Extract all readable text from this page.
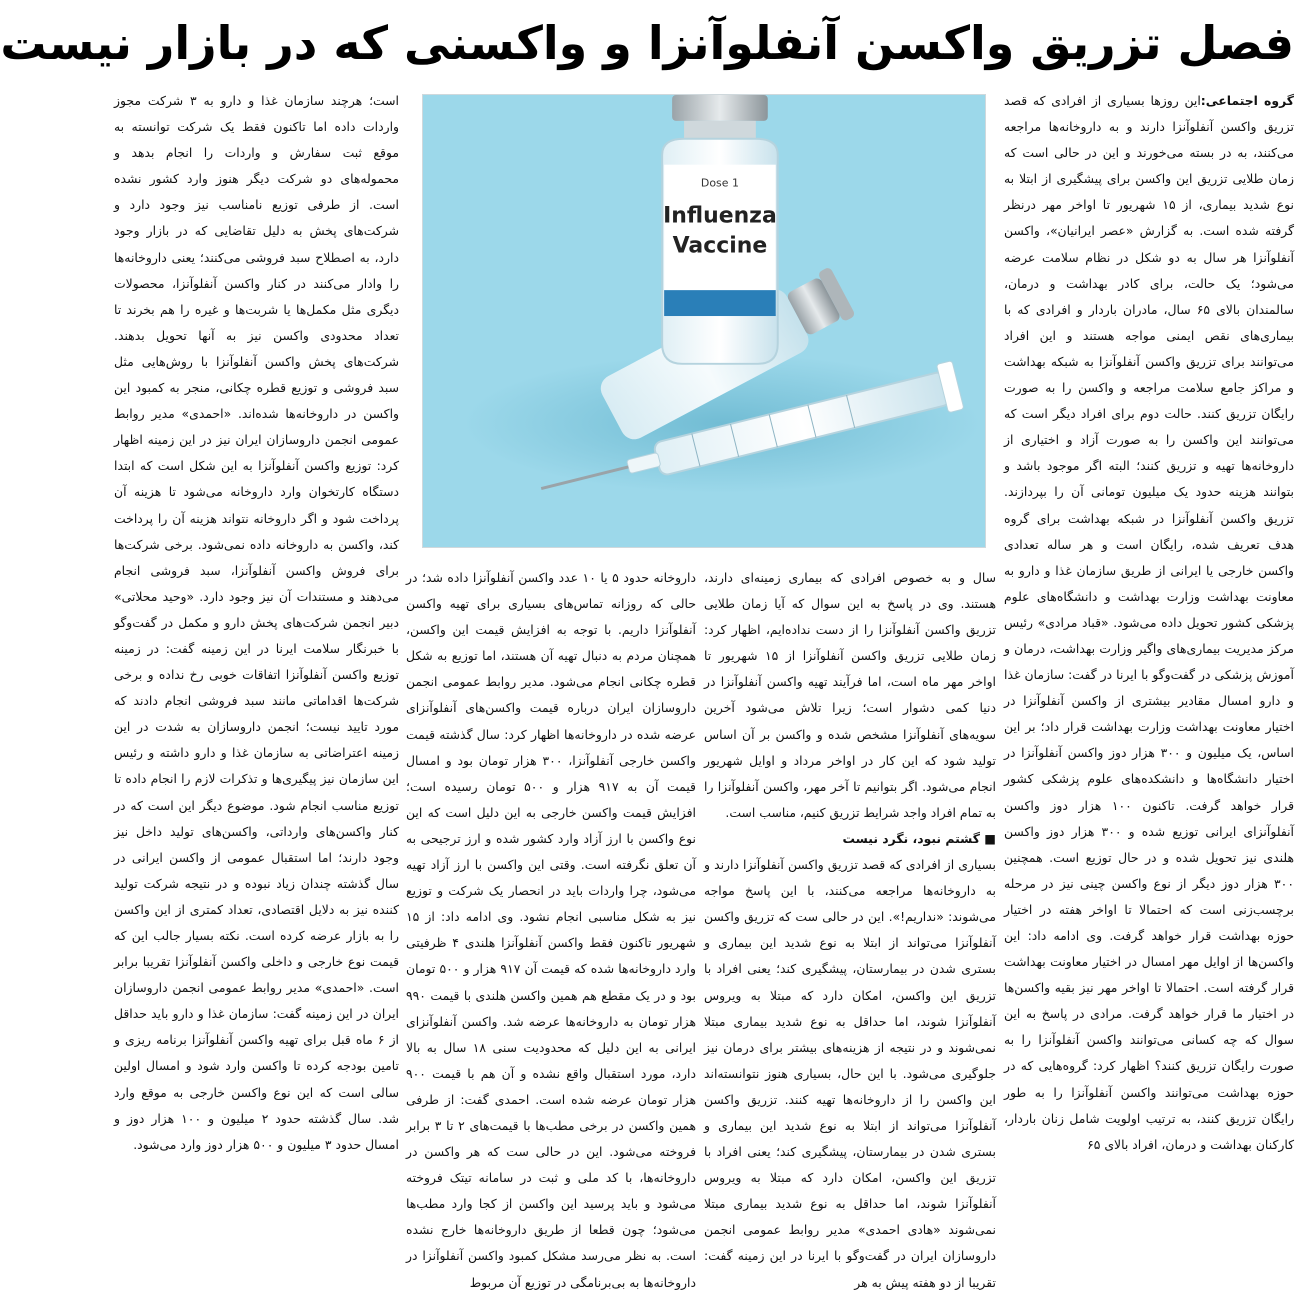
فصل تزریق واکسن آنفلوآنزا و واکسنی که در بازار نیست
1 Dose
Influenza
Vaccine

گروه اجتماعی:این روزها بسیاری از افرادی که قصد تزریق واکسن آنفلوآنزا دارند و به داروخانه‌ها مراجعه می‌کنند، به در بسته می‌خورند و این در حالی است که زمان طلایی تزریق این واکسن برای پیشگیری از ابتلا به نوع شدید بیماری، از ۱۵ شهریور تا اواخر مهر درنظر گرفته شده است. به گزارش «عصر ایرانیان»، واکسن آنفلوآنزا هر سال به دو شکل در نظام سلامت عرضه می‌شود؛ یک حالت، برای کادر بهداشت و درمان، سالمندان بالای ۶۵ سال، مادران باردار و افرادی که با بیماری‌های نقص ایمنی مواجه هستند و این افراد می‌توانند برای تزریق واکسن آنفلوآنزا به شبکه بهداشت و مراکز جامع سلامت مراجعه و واکسن را به صورت رایگان تزریق کنند. حالت دوم برای افراد دیگر است که می‌توانند این واکسن را به صورت آزاد و اختیاری از داروخانه‌ها تهیه و تزریق کنند؛ البته اگر موجود باشد و بتوانند هزینه حدود یک میلیون تومانی آن را بپردازند. تزریق واکسن آنفلوآنزا در شبکه بهداشت برای گروه هدف تعریف شده، رایگان است و هر ساله تعدادی واکسن خارجی یا ایرانی از طریق سازمان غذا و دارو به معاونت بهداشت وزارت بهداشت و دانشگاه‌های علوم پزشکی کشور تحویل داده می‌شود. «قباد مرادی» رئیس مرکز مدیریت بیماری‌های واگیر وزارت بهداشت، درمان و آموزش پزشکی در گفت‌وگو با ایرنا در گفت: سازمان غذا و دارو امسال مقادیر بیشتری از واکسن آنفلوآنزا در اختیار معاونت بهداشت وزارت بهداشت قرار داد؛ بر این اساس، یک میلیون و ۳۰۰ هزار دوز واکسن آنفلوآنزا در اختیار دانشگاه‌ها و دانشکده‌های علوم پزشکی کشور قرار خواهد گرفت. تاکنون ۱۰۰ هزار دوز واکسن آنفلوآنزای ایرانی توزیع شده و ۳۰۰ هزار دوز واکسن هلندی نیز تحویل شده و در حال توزیع است. همچنین ۳۰۰ هزار دوز دیگر از نوع واکسن چینی نیز در مرحله برچسب‌زنی است که احتمالا تا اواخر هفته در اختیار حوزه بهداشت قرار خواهد گرفت. وی ادامه داد: این واکسن‌ها از اوایل مهر امسال در اختیار معاونت بهداشت قرار گرفته است. احتمالا تا اواخر مهر نیز بقیه واکسن‌ها در اختیار ما قرار خواهد گرفت. مرادی در پاسخ به این سوال که چه کسانی می‌توانند واکسن آنفلوآنزا را به صورت رایگان تزریق کنند؟ اظهار کرد: گروه‌هایی که در حوزه بهداشت می‌توانند واکسن آنفلوآنزا را به طور رایگان تزریق کنند، به ترتیب اولویت شامل زنان باردار، کارکنان بهداشت و درمان، افراد بالای ۶۵

سال و به خصوص افرادی که بیماری زمینه‌ای دارند، هستند. وی در پاسخ به این سوال که آیا زمان طلایی تزریق واکسن آنفلوآنزا را از دست نداده‌ایم، اظهار کرد: زمان طلایی تزریق واکسن آنفلوآنزا از ۱۵ شهریور تا اواخر مهر ماه است، اما فرآیند تهیه واکسن آنفلوآنزا در دنیا کمی دشوار است؛ زیرا تلاش می‌شود آخرین سویه‌های آنفلوآنزا مشخص شده و واکسن بر آن اساس تولید شود که این کار در اواخر مرداد و اوایل شهریور انجام می‌شود. اگر بتوانیم تا آخر مهر، واکسن آنفلوآنزا را به تمام افراد واجد شرایط تزریق کنیم، مناسب است.

■ گشتم نبود، نگرد نیست

بسیاری از افرادی که قصد تزریق واکسن آنفلوآنزا دارند و به داروخانه‌ها مراجعه می‌کنند، با این پاسخ مواجه می‌شوند: «نداریم!». این در حالی ست که تزریق واکسن آنفلوآنزا می‌تواند از ابتلا به نوع شدید این بیماری و بستری شدن در بیمارستان، پیشگیری کند؛ یعنی افراد با تزریق این واکسن، امکان دارد که مبتلا به ویروس آنفلوآنزا شوند، اما حداقل به نوع شدید بیماری مبتلا نمی‌شوند و در نتیجه از هزینه‌های بیشتر برای درمان نیز جلوگیری می‌شود. با این حال، بسیاری هنوز نتوانسته‌اند این واکسن را از داروخانه‌ها تهیه کنند. تزریق واکسن آنفلوآنزا می‌تواند از ابتلا به نوع شدید این بیماری و بستری شدن در بیمارستان، پیشگیری کند؛ یعنی افراد با تزریق این واکسن، امکان دارد که مبتلا به ویروس آنفلوآنزا شوند، اما حداقل به نوع شدید بیماری مبتلا نمی‌شوند «هادی احمدی» مدیر روابط عمومی انجمن داروسازان ایران در گفت‌وگو با ایرنا در این زمینه گفت: تقریبا از دو هفته پیش به هر

داروخانه حدود ۵ یا ۱۰ عدد واکسن آنفلوآنزا داده شد؛ در حالی که روزانه تماس‌های بسیاری برای تهیه واکسن آنفلوآنزا داریم. با توجه به افزایش قیمت این واکسن، همچنان مردم به دنبال تهیه آن هستند، اما توزیع به شکل قطره چکانی انجام می‌شود. مدیر روابط عمومی انجمن داروسازان ایران درباره قیمت واکسن‌های آنفلوآنزای عرضه شده در داروخانه‌ها اظهار کرد: سال گذشته قیمت واکسن خارجی آنفلوآنزا، ۳۰۰ هزار تومان بود و امسال قیمت آن به ۹۱۷ هزار و ۵۰۰ تومان رسیده است؛ افزایش قیمت واکسن خارجی به این دلیل است که این نوع واکسن با ارز آزاد وارد کشور شده و ارز ترجیحی به آن تعلق نگرفته است. وقتی این واکسن با ارز آزاد تهیه می‌شود، چرا واردات باید در انحصار یک شرکت و توزیع نیز به شکل مناسبی انجام نشود. وی ادامه داد: از ۱۵ شهریور تاکنون فقط واکسن آنفلوآنزا هلندی ۴ ظرفیتی وارد داروخانه‌ها شده که قیمت آن ۹۱۷ هزار و ۵۰۰ تومان بود و در یک مقطع هم همین واکسن هلندی با قیمت ۹۹۰ هزار تومان به داروخانه‌ها عرضه شد. واکسن آنفلوآنزای ایرانی به این دلیل که محدودیت سنی ۱۸ سال به بالا دارد، مورد استقبال واقع نشده و آن هم با قیمت ۹۰۰ هزار تومان عرضه شده است. احمدی گفت: از طرفی همین واکسن در برخی مطب‌ها با قیمت‌های ۲ تا ۳ برابر فروخته می‌شود. این در حالی ست که هر واکسن در داروخانه‌ها، با کد ملی و ثبت در سامانه تیتک فروخته می‌شود و باید پرسید این واکسن از کجا وارد مطب‌ها می‌شود؛ چون قطعا از طریق داروخانه‌ها خارج نشده است. به نظر می‌رسد مشکل کمبود واکسن آنفلوآنزا در داروخانه‌ها به بی‌برنامگی در توزیع آن مربوط

است؛ هرچند سازمان غذا و دارو به ۳ شرکت مجوز واردات داده اما تاکنون فقط یک شرکت توانسته به موقع ثبت سفارش و واردات را انجام بدهد و محموله‌های دو شرکت دیگر هنوز وارد کشور نشده است. از طرفی توزیع نامناسب نیز وجود دارد و شرکت‌های پخش به دلیل تقاضایی که در بازار وجود دارد، به اصطلاح سبد فروشی می‌کنند؛ یعنی داروخانه‌ها را وادار می‌کنند در کنار واکسن آنفلوآنزا، محصولات دیگری مثل مکمل‌ها یا شربت‌ها و غیره را هم بخرند تا تعداد محدودی واکسن نیز به آنها تحویل بدهند. شرکت‌های پخش واکسن آنفلوآنزا با روش‌هایی مثل سبد فروشی و توزیع قطره چکانی، منجر به کمبود این واکسن در داروخانه‌ها شده‌اند. «احمدی» مدیر روابط عمومی انجمن داروسازان ایران نیز در این زمینه اظهار کرد: توزیع واکسن آنفلوآنزا به این شکل است که ابتدا دستگاه کارتخوان وارد داروخانه می‌شود تا هزینه آن پرداخت شود و اگر داروخانه نتواند هزینه آن را پرداخت کند، واکسن به داروخانه داده نمی‌شود. برخی شرکت‌ها برای فروش واکسن آنفلوآنزا، سبد فروشی انجام می‌دهند و مستندات آن نیز وجود دارد. «وحید محلاتی» دبیر انجمن شرکت‌های پخش دارو و مکمل در گفت‌وگو با خبرنگار سلامت ایرنا در این زمینه گفت: در زمینه توزیع واکسن آنفلوآنزا اتفاقات خوبی رخ نداده و برخی شرکت‌ها اقداماتی مانند سبد فروشی انجام دادند که مورد تایید نیست؛ انجمن داروسازان به شدت در این زمینه اعتراضاتی به سازمان غذا و دارو داشته و رئیس این سازمان نیز پیگیری‌ها و تذکرات لازم را انجام داده تا توزیع مناسب انجام شود. موضوع دیگر این است که در کنار واکسن‌های وارداتی، واکسن‌های تولید داخل نیز وجود دارند؛ اما استقبال عمومی از واکسن ایرانی در سال گذشته چندان زیاد نبوده و در نتیجه شرکت تولید کننده نیز به دلایل اقتصادی، تعداد کمتری از این واکسن را به بازار عرضه کرده است. نکته بسیار جالب این که قیمت نوع خارجی و داخلی واکسن آنفلوآنزا تقریبا برابر است. «احمدی» مدیر روابط عمومی انجمن داروسازان ایران در این زمینه گفت: سازمان غذا و دارو باید حداقل از ۶ ماه قبل برای تهیه واکسن آنفلوآنزا برنامه ریزی و تامین بودجه کرده تا واکسن وارد شود و امسال اولین سالی است که این نوع واکسن خارجی به موقع وارد شد. سال گذشته حدود ۲ میلیون و ۱۰۰ هزار دوز و امسال حدود ۳ میلیون و ۵۰۰ هزار دوز وارد می‌شود.
